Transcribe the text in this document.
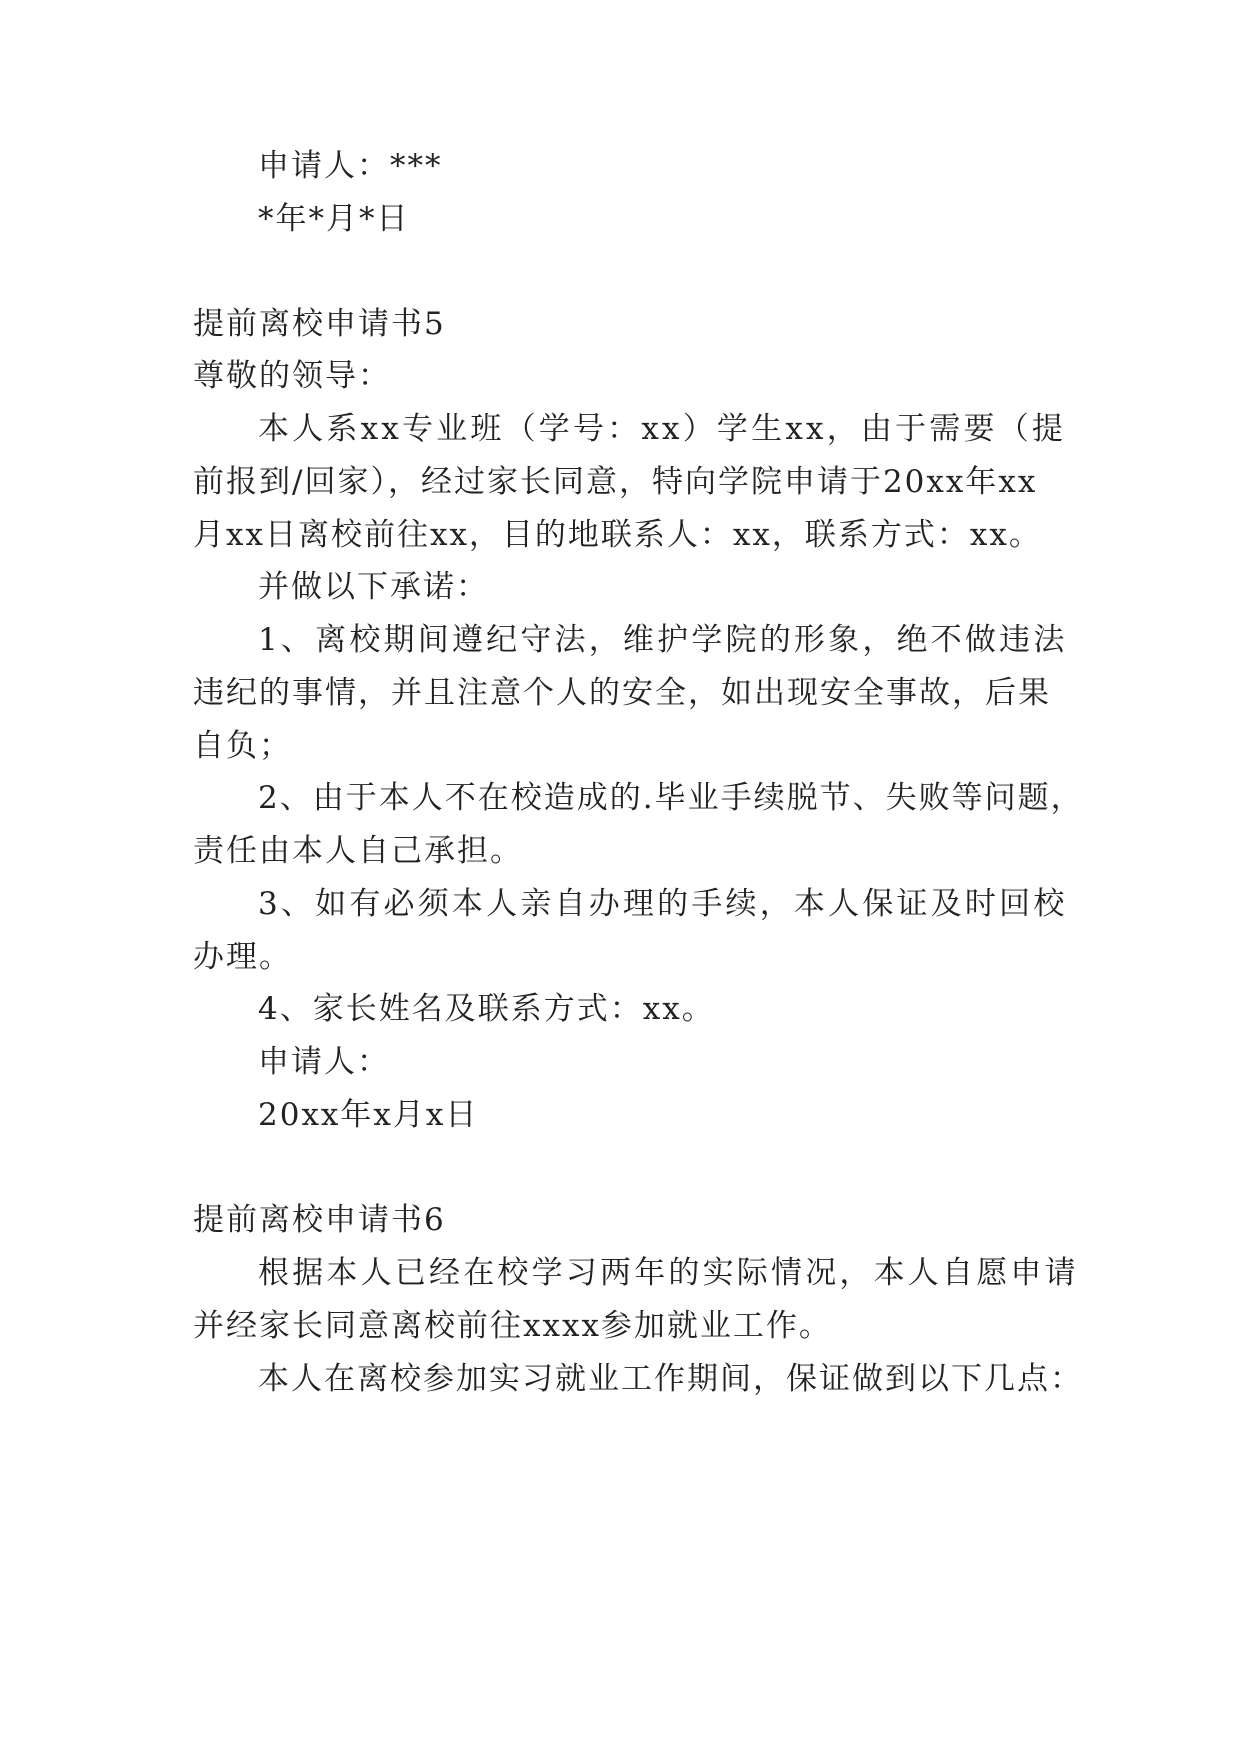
申请人：***
*年*月*日
提前离校申请书5
尊敬的领导：
本人系xx专业班（学号：xx）学生xx，由于需要（提
前报到/回家），经过家长同意，特向学院申请于20xx年xx
月xx日离校前往xx，目的地联系人：xx，联系方式：xx。
并做以下承诺：
1、离校期间遵纪守法，维护学院的形象，绝不做违法
违纪的事情，并且注意个人的安全，如出现安全事故，后果
自负；
2、由于本人不在校造成的.毕业手续脱节、失败等问题，
责任由本人自己承担。
3、如有必须本人亲自办理的手续，本人保证及时回校
办理。
4、家长姓名及联系方式：xx。
申请人：
20xx年x月x日
提前离校申请书6
根据本人已经在校学习两年的实际情况，本人自愿申请
并经家长同意离校前往xxxx参加就业工作。
本人在离校参加实习就业工作期间，保证做到以下几点：
